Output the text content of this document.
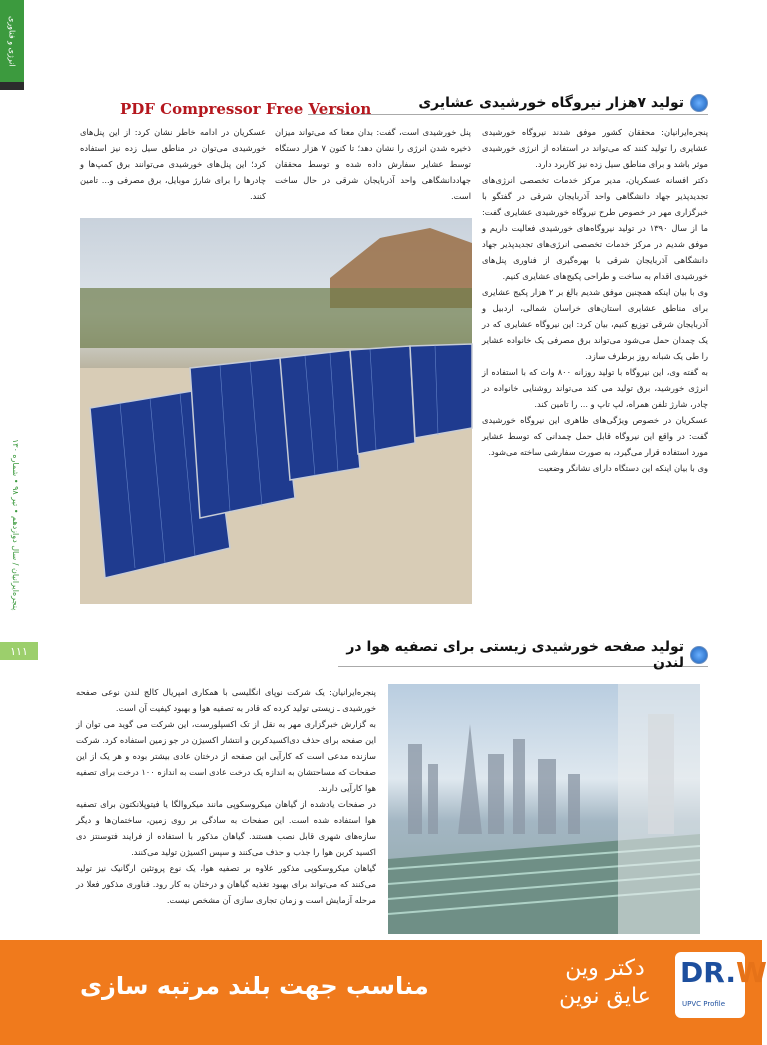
انرژی و فناوری
پنجره‌ایرانیان / سال دوازدهم • تیر ۹۸ • شماره ۱۳۰
۱۱۱
PDF Compressor Free Version	تولید ۷هزار نیروگاه خورشیدی عشایری

پنجره‌ایرانیان: محققان کشور موفق شدند نیروگاه خورشیدی عشایری را تولید کنند که می‌تواند در استفاده از انرژی خورشیدی موثر باشد و برای مناطق سیل زده نیز کاربرد دارد.

دکتر افسانه عسکریان، مدیر مرکز خدمات تخصصی انرژی‌های تجدیدپذیر جهاد دانشگاهی واحد آذربایجان شرقی در گفتگو با خبرگزاری مهر در خصوص طرح نیروگاه خورشیدی عشایری گفت: ما از سال ۱۳۹۰ در تولید نیروگاه‌های خورشیدی فعالیت داریم و موفق شدیم در مرکز خدمات تخصصی انرژی‌های تجدیدپذیر جهاد دانشگاهی آذربایجان شرقی با بهره‌گیری از فناوری پنل‌های خورشیدی اقدام به ساخت و طراحی پکیج‌های عشایری کنیم.

وی با بیان اینکه همچنین موفق شدیم بالغ بر ۲ هزار پکیج عشایری برای مناطق عشایری استان‌های خراسان شمالی، اردبیل و آذربایجان شرقی توزیع کنیم، بیان کرد: این نیروگاه عشایری که در یک چمدان حمل می‌شود می‌تواند برق مصرفی یک خانواده عشایر را طی یک شبانه روز برطرف سازد.

به گفته وی، این نیروگاه با تولید روزانه ۸۰۰ وات که با استفاده از انرژی خورشید، برق تولید می کند می‌تواند روشنایی خانواده در چادر، شارژ تلفن همراه، لپ تاپ و ... را تامین کند.

عسکریان در خصوص ویژگی‌های ظاهری این نیروگاه خورشیدی گفت: در واقع این نیروگاه قابل حمل چمدانی که توسط عشایر مورد استفاده قرار می‌گیرد، به صورت سفارشی ساخته می‌شود.

وی با بیان اینکه این دستگاه دارای نشانگر وضعیت

پنل خورشیدی است، گفت: بدان معنا که می‌تواند میزان ذخیره شدن انرژی را نشان دهد؛ تا کنون ۷ هزار دستگاه توسط عشایر سفارش داده شده و توسط محققان جهاددانشگاهی واحد آذربایجان شرقی در حال ساخت است.

عسکریان در ادامه خاطر نشان کرد: از این پنل‌های خورشیدی می‌توان در مناطق سیل زده نیز استفاده کرد؛ این پنل‌های خورشیدی می‌توانند برق کمپ‌ها و چادرها را برای شارژ موبایل، برق مصرفی و... تامین کنند.

تولید صفحه خورشیدی زیستی برای تصفیه هوا در لندن

پنجره‌ایرانیان: یک شرکت نوپای انگلیسی با همکاری امپریال کالج لندن نوعی صفحه خورشیدی ـ زیستی تولید کرده که قادر به تصفیه هوا و بهبود کیفیت آن است.

به گزارش خبرگزاری مهر به نقل از تک اکسپلورست، این شرکت می گوید می توان از این صفحه برای حذف دی‌اکسیدکربن و انتشار اکسیژن در جو زمین استفاده کرد. شرکت سازنده مدعی است که کارآیی این صفحه از درختان عادی بیشتر بوده و هر یک از این صفحات که مساحتشان به اندازه یک درخت عادی است به اندازه ۱۰۰ درخت برای تصفیه هوا کارآیی دارند.

در صفحات یادشده از گیاهان میکروسکوپی مانند میکروالگا یا فیتوپلانکتون برای تصفیه هوا استفاده شده است. این صفحات به سادگی بر روی زمین، ساختمان‌ها و دیگر سازه‌های شهری قابل نصب هستند. گیاهان مذکور با استفاده از فرایند فتوسنتز دی اکسید کربن هوا را جذب و حذف می‌کنند و سپس اکسیژن تولید می‌کنند.

گیاهان میکروسکوپی مذکور علاوه بر تصفیه هوا، یک نوع پروتئین ارگانیک نیز تولید می‌کنند که می‌تواند برای بهبود تغذیه گیاهان و درختان به کار رود. فناوری مذکور فعلا در مرحله آزمایش است و زمان تجاری سازی آن مشخص نیست.

مناسب جهت بلند مرتبه سازی
دکتر وین
عایق نوین
DR.W
UPVC Profile
